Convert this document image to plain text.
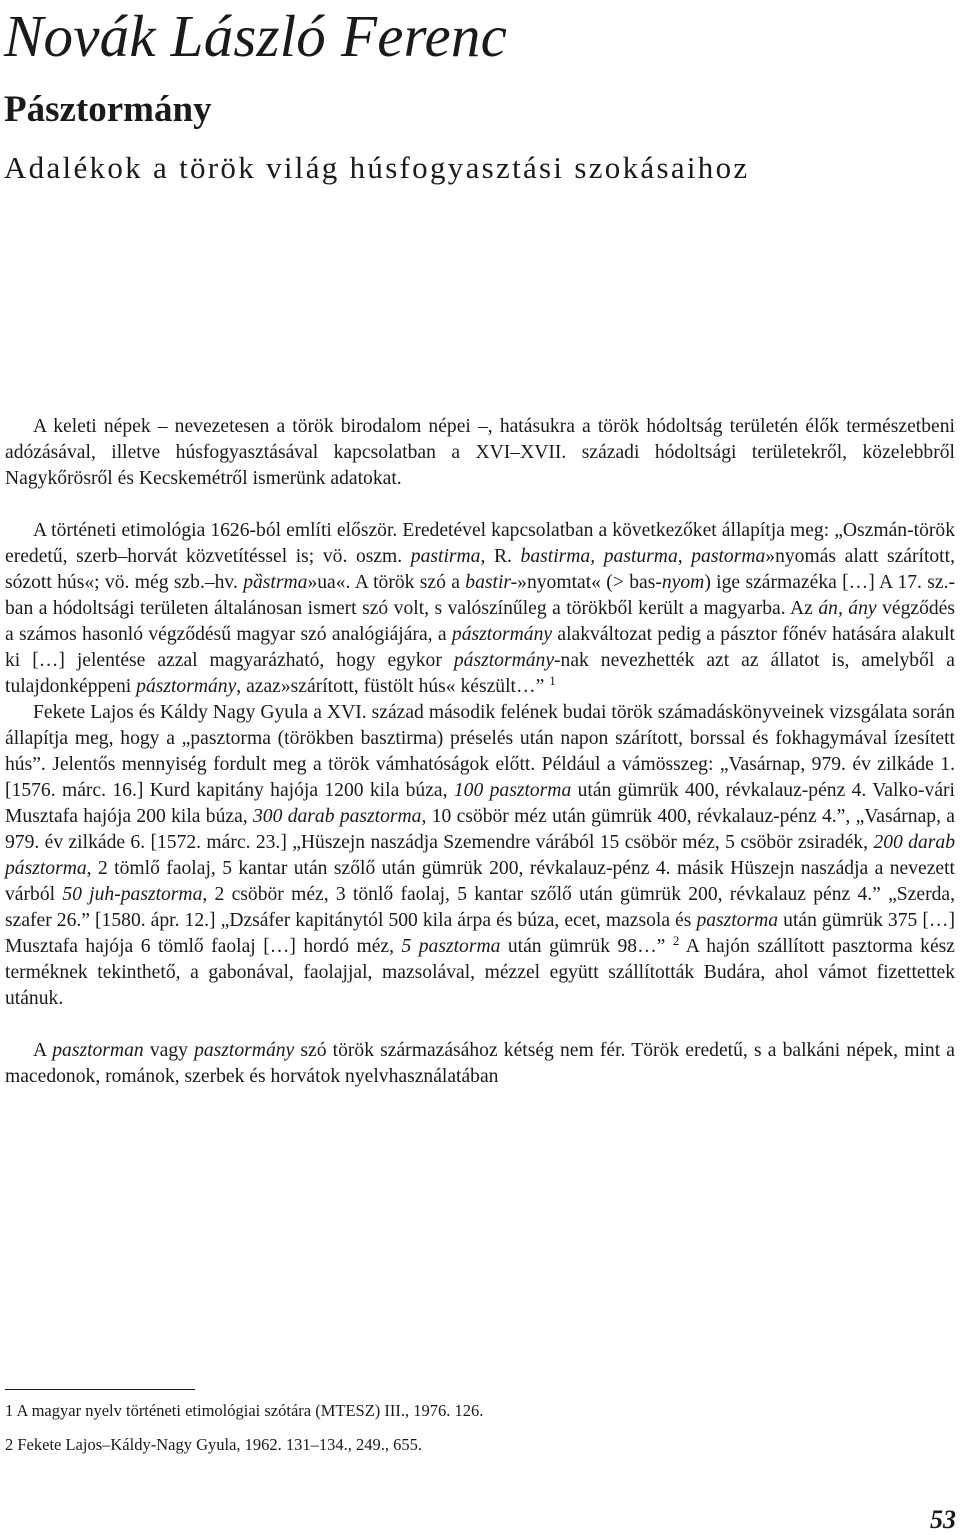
Novák László Ferenc
Pásztormány
Adalékok a török világ húsfogyasztási szokásaihoz

A keleti népek ‒ nevezetesen a török birodalom népei ‒, hatásukra a török hódoltság területén élők természetbeni adózásával, illetve húsfogyasztásával kapcsolatban a XVI‒XVII. századi hódoltsági területekről, közelebbről Nagykőrösről és Kecskemétről ismerünk adatokat.

A történeti etimológia 1626-ból említi először. Eredetével kapcsolatban a következőket állapítja meg: „Oszmán-török eredetű, szerb‒horvát közvetítéssel is; vö. oszm. pastirma, R. bastirma, pasturma, pastorma»nyomás alatt szárított, sózott hús«; vö. még szb.‒hv. pȁstrma»ua«. A török szó a bastir-»nyomtat« (> bas-nyom) ige származéka […] A 17. sz.-ban a hódoltsági területen általánosan ismert szó volt, s valószínűleg a törökből került a magyarba. Az án, ány végződés a számos hasonló végződésű magyar szó analógiájára, a pásztormány alakváltozat pedig a pásztor főnév hatására alakult ki […] jelentése azzal magyarázható, hogy egykor pásztormány-nak nevezhették azt az állatot is, amelyből a tulajdonképpeni pásztormány, azaz»szárított, füstölt hús« készült…” $^1$

Fekete Lajos és Káldy Nagy Gyula a XVI. század második felének budai török számadáskönyveinek vizsgálata során állapítja meg, hogy a „pasztorma (törökben basztirma) préselés után napon szárított, borssal és fokhagymával ízesített hús”. Jelentős mennyiség fordult meg a török vámhatóságok előtt. Például a vámösszeg: „Vasárnap, 979. év zilkáde 1. [1576. márc. 16.] Kurd kapitány hajója 1200 kila búza, 100 pasztorma után gümrük 400, révkalauz-pénz 4. Valko-vári Musztafa hajója 200 kila búza, 300 darab pasztorma, 10 csöbör méz után gümrük 400, révkalauz-pénz 4.”, „Vasárnap, a 979. év zilkáde 6. [1572. márc. 23.] „Hüszejn naszádja Szemendre várából 15 csöbör méz, 5 csöbör zsiradék, 200 darab pásztorma, 2 tömlő faolaj, 5 kantar után szőlő után gümrük 200, révkalauz-pénz 4. másik Hüszejn naszádja a nevezett várból 50 juh-pasztorma, 2 csöbör méz, 3 tönlő faolaj, 5 kantar szőlő után gümrük 200, révkalauz pénz 4.” „Szerda, szafer 26.” [1580. ápr. 12.] „Dzsáfer kapitánytól 500 kila árpa és búza, ecet, mazsola és pasztorma után gümrük 375 […] Musztafa hajója 6 tömlő faolaj […] hordó méz, 5 pasztorma után gümrük 98…” $^2$ A hajón szállított pasztorma kész terméknek tekinthető, a gabonával, faolajjal, mazsolával, mézzel együtt szállították Budára, ahol vámot fizettettek utánuk.

A pasztorman vagy pasztormány szó török származásához kétség nem fér. Török eredetű, s a balkáni népek, mint a macedonok, románok, szerbek és horvátok nyelvhasználatában

1 A magyar nyelv történeti etimológiai szótára (MTESZ) III., 1976. 126.

2 Fekete Lajos‒Káldy-Nagy Gyula, 1962. 131‒134., 249., 655.

53
